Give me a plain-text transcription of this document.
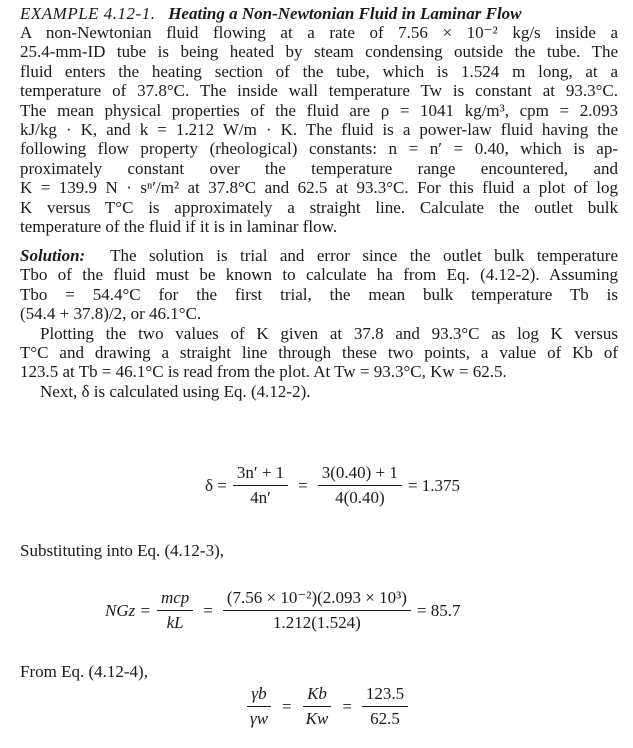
EXAMPLE 4.12-1. Heating a Non-Newtonian Fluid in Laminar Flow
A non-Newtonian fluid flowing at a rate of 7.56 × 10⁻² kg/s inside a
25.4-mm-ID tube is being heated by steam condensing outside the tube. The
fluid enters the heating section of the tube, which is 1.524 m long, at a
temperature of 37.8°C. The inside wall temperature Tw is constant at 93.3°C.
The mean physical properties of the fluid are ρ = 1041 kg/m³, cpm = 2.093
kJ/kg · K, and k = 1.212 W/m · K. The fluid is a power-law fluid having the
following flow property (rheological) constants: n = n′ = 0.40, which is ap-
proximately constant over the temperature range encountered, and
K = 139.9 N · sⁿ′/m² at 37.8°C and 62.5 at 93.3°C. For this fluid a plot of log
K versus T°C is approximately a straight line. Calculate the outlet bulk
temperature of the fluid if it is in laminar flow.
Solution: The solution is trial and error since the outlet bulk temperature
Tbo of the fluid must be known to calculate ha from Eq. (4.12-2). Assuming
Tbo = 54.4°C for the first trial, the mean bulk temperature Tb is
(54.4 + 37.8)/2, or 46.1°C.
Plotting the two values of K given at 37.8 and 93.3°C as log K versus
T°C and drawing a straight line through these two points, a value of Kb of
123.5 at Tb = 46.1°C is read from the plot. At Tw = 93.3°C, Kw = 62.5.
Next, δ is calculated using Eq. (4.12-2).
$\delta = \frac{3n' + 1}{4n'} = \frac{3(0.40) + 1}{4(0.40)} = 1.375$
Substituting into Eq. (4.12-3),
NGz = $\frac{\text{mcp}}{kL} = \frac{\text{(7.56 × 10⁻²)(2.093 × 10³)}}{1.212(1.524)} = 85.7$
From Eq. (4.12-4),
$\frac{\gamma b}{\gamma w} = \frac{Kb}{Kw} = \frac{123.5}{62.5}$
